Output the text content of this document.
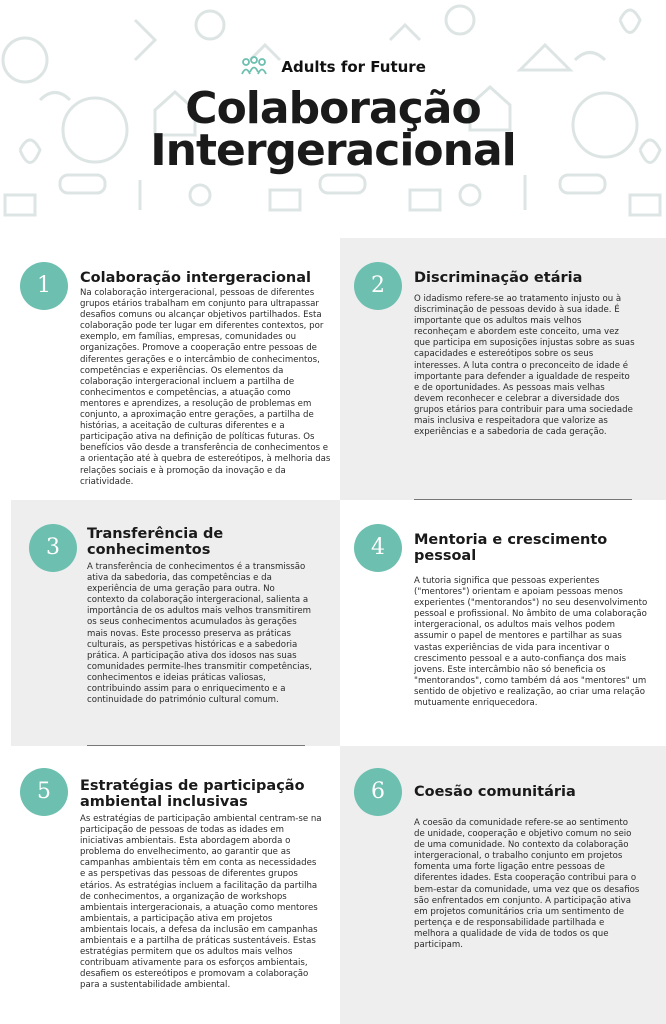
Adults for Future
Colaboração
Intergeracional
1	Colaboração intergeracional
Na colaboração intergeracional, pessoas de diferentes grupos etários trabalham em conjunto para ultrapassar desafios comuns ou alcançar objetivos partilhados. Esta colaboração pode ter lugar em diferentes contextos, por exemplo, em famílias, empresas, comunidades ou organizações. Promove a cooperação entre pessoas de diferentes gerações e o intercâmbio de conhecimentos, competências e experiências. Os elementos da colaboração intergeracional incluem a partilha de conhecimentos e competências, a atuação como mentores e aprendizes, a resolução de problemas em conjunto, a aproximação entre gerações, a partilha de histórias, a aceitação de culturas diferentes e a participação ativa na definição de políticas futuras. Os benefícios vão desde a transferência de conhecimentos e a orientação até à quebra de estereótipos, à melhoria das relações sociais e à promoção da inovação e da criatividade.
2	Discriminação etária
O idadismo refere-se ao tratamento injusto ou à discriminação de pessoas devido à sua idade. É importante que os adultos mais velhos reconheçam e abordem este conceito, uma vez que participa em suposições injustas sobre as suas capacidades e estereótipos sobre os seus interesses. A luta contra o preconceito de idade é importante para defender a igualdade de respeito e de oportunidades. As pessoas mais velhas devem reconhecer e celebrar a diversidade dos grupos etários para contribuir para uma sociedade mais inclusiva e respeitadora que valorize as experiências e a sabedoria de cada geração.
3
Transferência de conhecimentos
A transferência de conhecimentos é a transmissão ativa da sabedoria, das competências e da experiência de uma geração para outra. No contexto da colaboração intergeracional, salienta a importância de os adultos mais velhos transmitirem os seus conhecimentos acumulados às gerações mais novas. Este processo preserva as práticas culturais, as perspetivas históricas e a sabedoria prática. A participação ativa dos idosos nas suas comunidades permite-lhes transmitir competências, conhecimentos e ideias práticas valiosas, contribuindo assim para o enriquecimento e a continuidade do património cultural comum.
4	Mentoria e crescimento pessoal
A tutoria significa que pessoas experientes ("mentores") orientam e apoiam pessoas menos experientes ("mentorandos") no seu desenvolvimento pessoal e profissional. No âmbito de uma colaboração intergeracional, os adultos mais velhos podem assumir o papel de mentores e partilhar as suas vastas experiências de vida para incentivar o crescimento pessoal e a auto-confiança dos mais jovens. Este intercâmbio não só beneficia os "mentorandos", como também dá aos "mentores" um sentido de objetivo e realização, ao criar uma relação mutuamente enriquecedora.
5	Estratégias de participação ambiental inclusivas
As estratégias de participação ambiental centram-se na participação de pessoas de todas as idades em iniciativas ambientais. Esta abordagem aborda o problema do envelhecimento, ao garantir que as campanhas ambientais têm em conta as necessidades e as perspetivas das pessoas de diferentes grupos etários. As estratégias incluem a facilitação da partilha de conhecimentos, a organização de workshops ambientais intergeracionais, a atuação como mentores ambientais, a participação ativa em projetos ambientais locais, a defesa da inclusão em campanhas ambientais e a partilha de práticas sustentáveis. Estas estratégias permitem que os adultos mais velhos contribuam ativamente para os esforços ambientais, desafiem os estereótipos e promovam a colaboração para a sustentabilidade ambiental.
6	Coesão comunitária
A coesão da comunidade refere-se ao sentimento de unidade, cooperação e objetivo comum no seio de uma comunidade. No contexto da colaboração intergeracional, o trabalho conjunto em projetos fomenta uma forte ligação entre pessoas de diferentes idades. Esta cooperação contribui para o bem-estar da comunidade, uma vez que os desafios são enfrentados em conjunto. A participação ativa em projetos comunitários cria um sentimento de pertença e de responsabilidade partilhada e melhora a qualidade de vida de todos os que participam.
